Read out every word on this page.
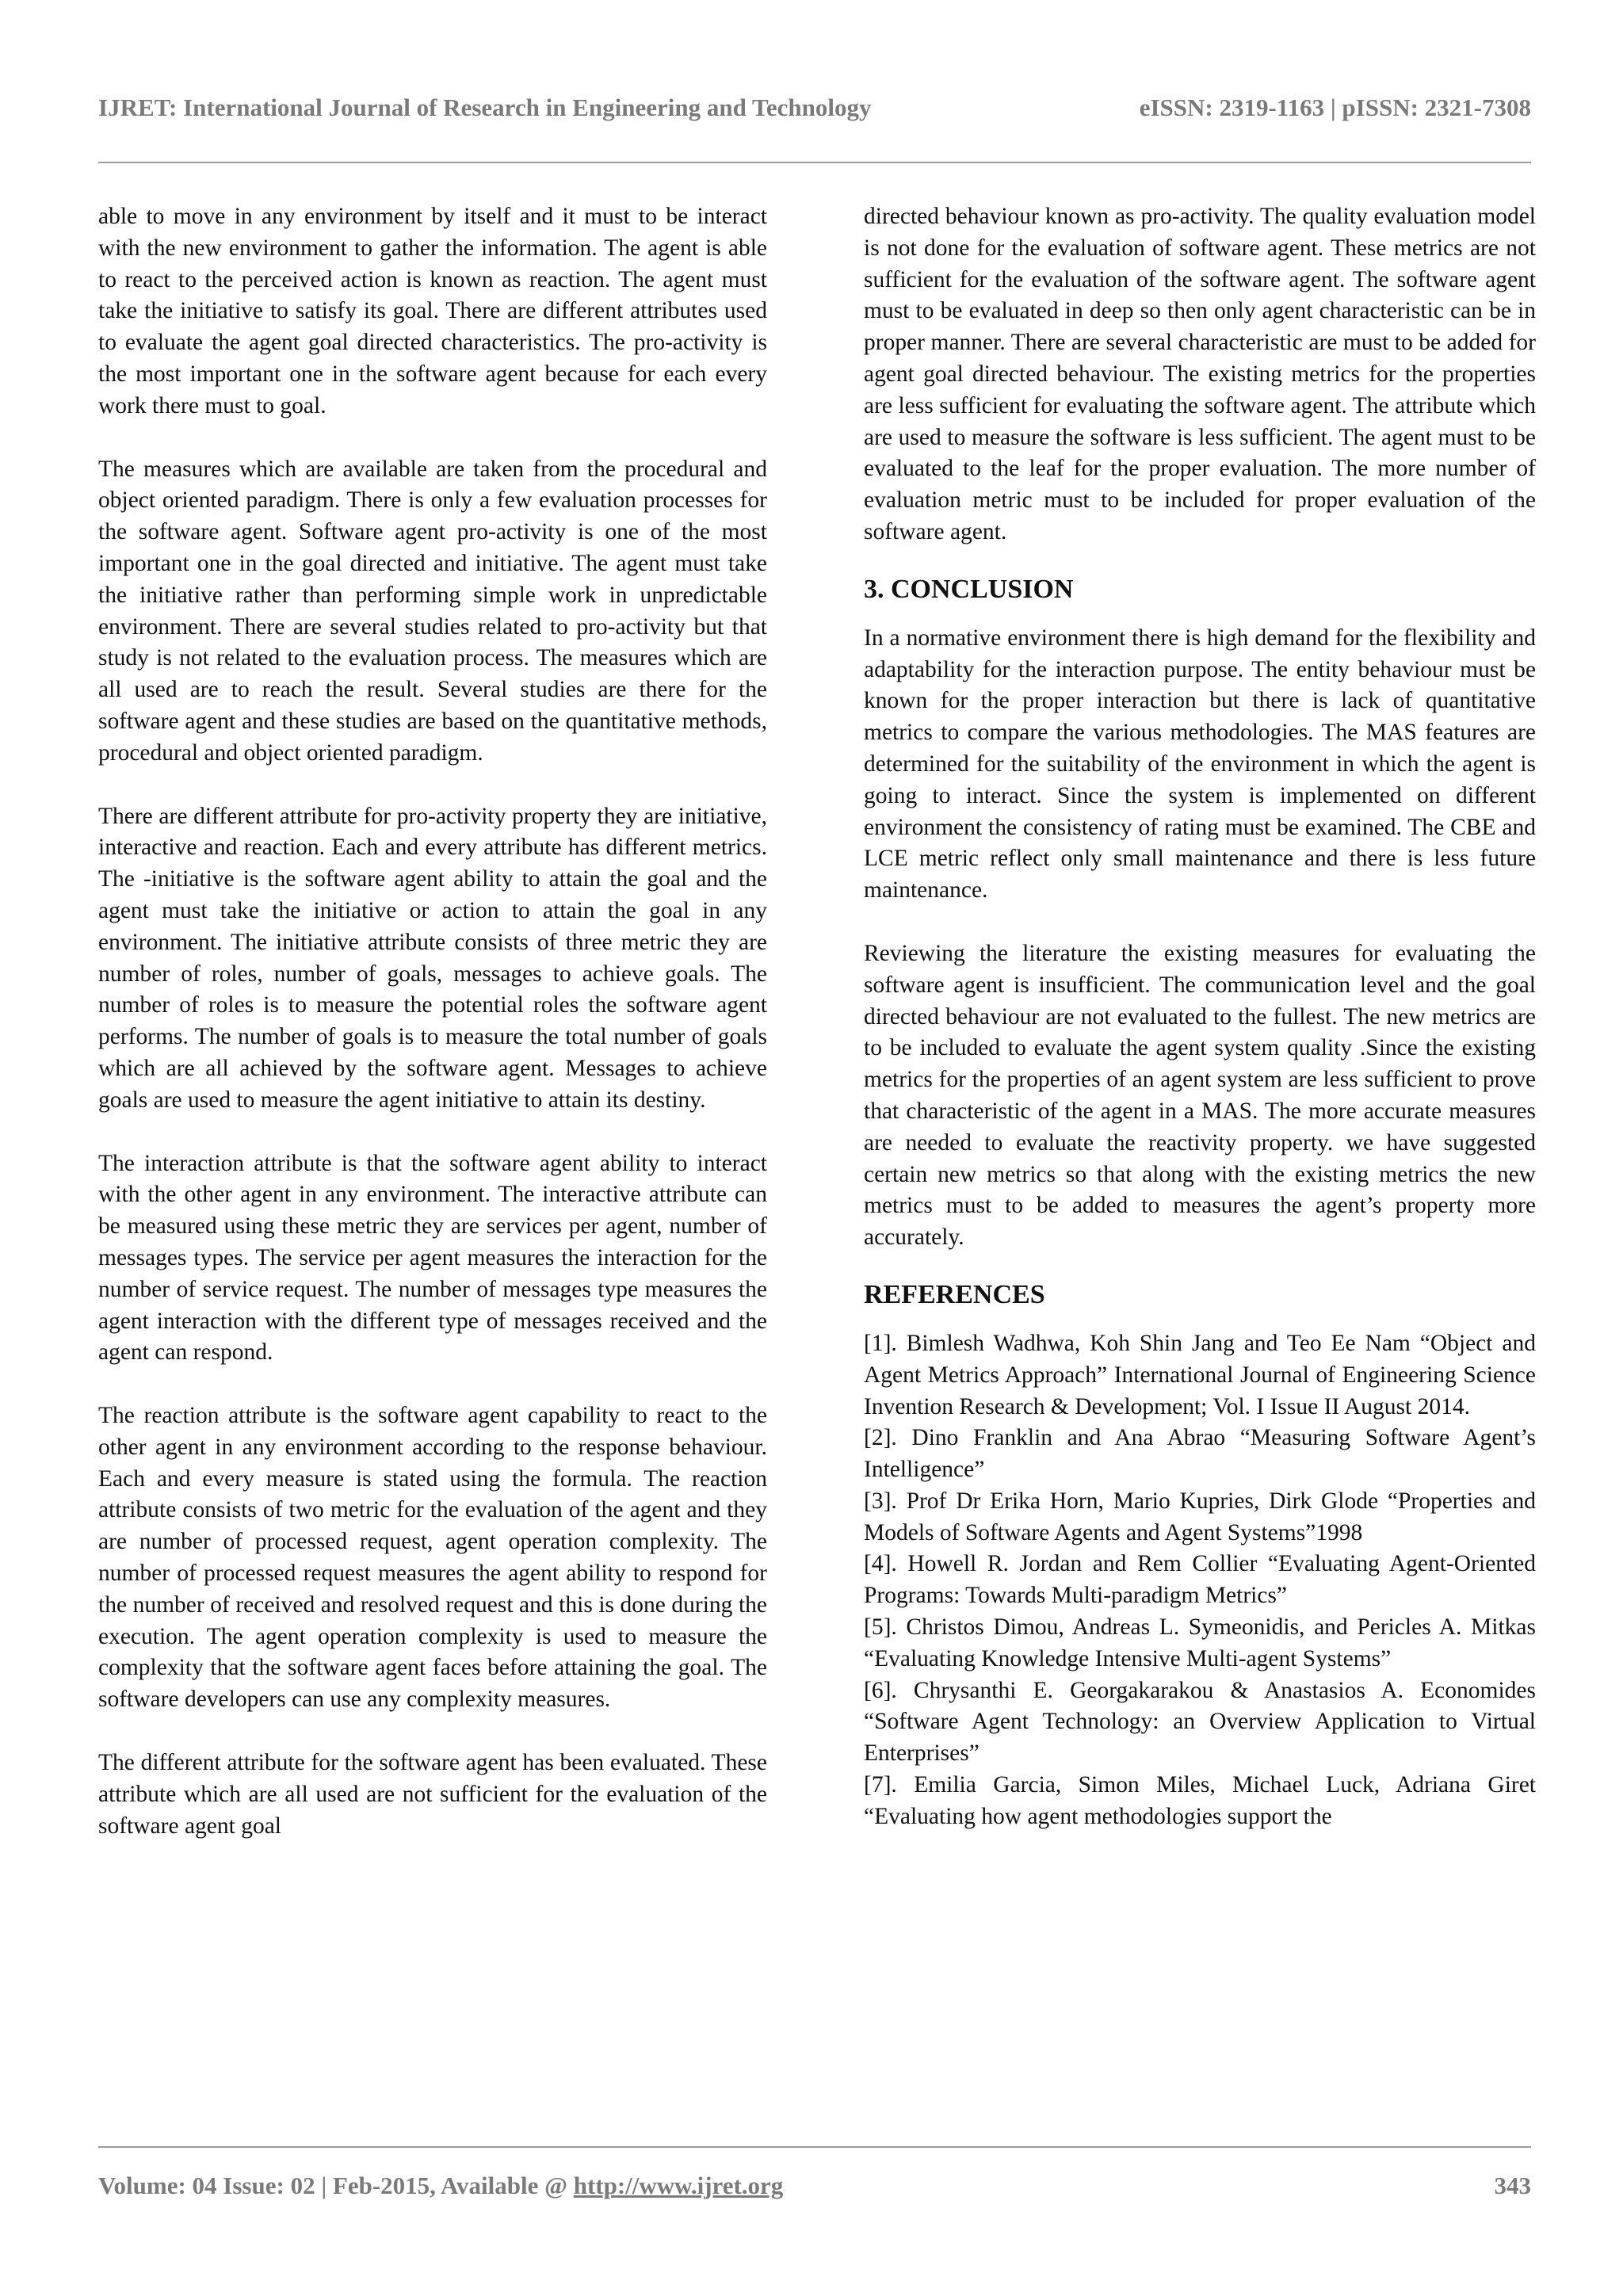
IJRET: International Journal of Research in Engineering and Technology	eISSN: 2319-1163 | pISSN: 2321-7308

able to move in any environment by itself and it must to be interact with the new environment to gather the information. The agent is able to react to the perceived action is known as reaction. The agent must take the initiative to satisfy its goal. There are different attributes used to evaluate the agent goal directed characteristics. The pro-activity is the most important one in the software agent because for each every work there must to goal.

The measures which are available are taken from the procedural and object oriented paradigm. There is only a few evaluation processes for the software agent. Software agent pro-activity is one of the most important one in the goal directed and initiative. The agent must take the initiative rather than performing simple work in unpredictable environment. There are several studies related to pro-activity but that study is not related to the evaluation process. The measures which are all used are to reach the result. Several studies are there for the software agent and these studies are based on the quantitative methods, procedural and object oriented paradigm.

There are different attribute for pro-activity property they are initiative, interactive and reaction. Each and every attribute has different metrics. The -initiative is the software agent ability to attain the goal and the agent must take the initiative or action to attain the goal in any environment. The initiative attribute consists of three metric they are number of roles, number of goals, messages to achieve goals. The number of roles is to measure the potential roles the software agent performs. The number of goals is to measure the total number of goals which are all achieved by the software agent. Messages to achieve goals are used to measure the agent initiative to attain its destiny.

The interaction attribute is that the software agent ability to interact with the other agent in any environment. The interactive attribute can be measured using these metric they are services per agent, number of messages types. The service per agent measures the interaction for the number of service request. The number of messages type measures the agent interaction with the different type of messages received and the agent can respond.

The reaction attribute is the software agent capability to react to the other agent in any environment according to the response behaviour. Each and every measure is stated using the formula. The reaction attribute consists of two metric for the evaluation of the agent and they are number of processed request, agent operation complexity. The number of processed request measures the agent ability to respond for the number of received and resolved request and this is done during the execution. The agent operation complexity is used to measure the complexity that the software agent faces before attaining the goal. The software developers can use any complexity measures.

The different attribute for the software agent has been evaluated. These attribute which are all used are not sufficient for the evaluation of the software agent goal

directed behaviour known as pro-activity. The quality evaluation model is not done for the evaluation of software agent. These metrics are not sufficient for the evaluation of the software agent. The software agent must to be evaluated in deep so then only agent characteristic can be in proper manner. There are several characteristic are must to be added for agent goal directed behaviour. The existing metrics for the properties are less sufficient for evaluating the software agent. The attribute which are used to measure the software is less sufficient. The agent must to be evaluated to the leaf for the proper evaluation. The more number of evaluation metric must to be included for proper evaluation of the software agent.

3. CONCLUSION

In a normative environment there is high demand for the flexibility and adaptability for the interaction purpose. The entity behaviour must be known for the proper interaction but there is lack of quantitative metrics to compare the various methodologies. The MAS features are determined for the suitability of the environment in which the agent is going to interact. Since the system is implemented on different environment the consistency of rating must be examined. The CBE and LCE metric reflect only small maintenance and there is less future maintenance.

Reviewing the literature the existing measures for evaluating the software agent is insufficient. The communication level and the goal directed behaviour are not evaluated to the fullest. The new metrics are to be included to evaluate the agent system quality .Since the existing metrics for the properties of an agent system are less sufficient to prove that characteristic of the agent in a MAS. The more accurate measures are needed to evaluate the reactivity property. we have suggested certain new metrics so that along with the existing metrics the new metrics must to be added to measures the agent’s property more accurately.

REFERENCES

[1]. Bimlesh Wadhwa, Koh Shin Jang and Teo Ee Nam “Object and Agent Metrics Approach” International Journal of Engineering Science Invention Research & Development; Vol. I Issue II August 2014.

[2]. Dino Franklin and Ana Abrao “Measuring Software Agent’s Intelligence”

[3]. Prof Dr Erika Horn, Mario Kupries, Dirk Glode “Properties and Models of Software Agents and Agent Systems”1998

[4]. Howell R. Jordan and Rem Collier “Evaluating Agent-Oriented Programs: Towards Multi-paradigm Metrics”

[5]. Christos Dimou, Andreas L. Symeonidis, and Pericles A. Mitkas “Evaluating Knowledge Intensive Multi-agent Systems”

[6]. Chrysanthi E. Georgakarakou & Anastasios A. Economides “Software Agent Technology: an Overview Application to Virtual Enterprises”

[7]. Emilia Garcia, Simon Miles, Michael Luck, Adriana Giret “Evaluating how agent methodologies support the

Volume: 04 Issue: 02 | Feb-2015, Available @ http://www.ijret.org	343
